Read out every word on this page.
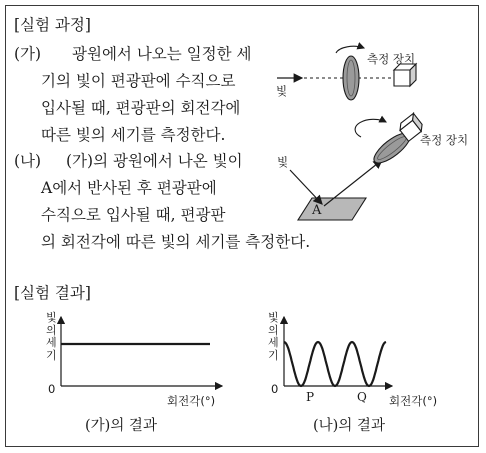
[실험 과정]
(가) 광원에서 나오는 일정한 세
기의 빛이 편광판에 수직으로
입사될 때, 편광판의 회전각에
따른 빛의 세기를 측정한다.
(나) (가)의 광원에서 나온 빛이
A에서 반사된 후 편광판에
수직으로 입사될 때, 편광판
의 회전각에 따른 빛의 세기를 측정한다.
빛
측정 장치
빛
A
측정 장치
[실험 결과]
빛
의
세
기
0
회전각(°)
(가)의 결과
빛
의
세
기
0
P	Q 회전각(°)
(나)의 결과
